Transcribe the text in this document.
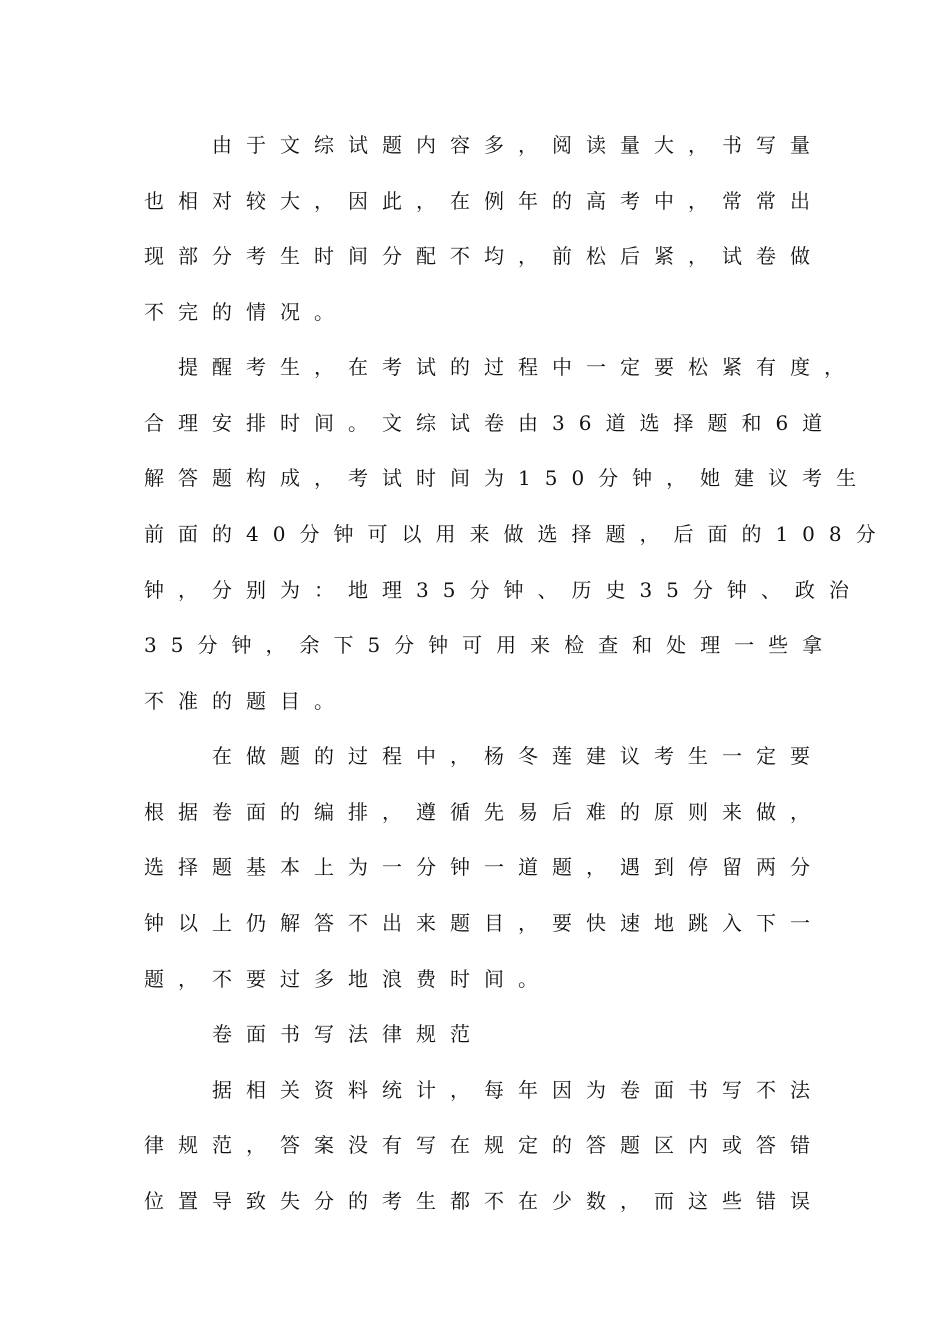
由于文综试题内容多，阅读量大，书写量
也相对较大，因此，在例年的高考中，常常出
现部分考生时间分配不均，前松后紧，试卷做
不完的情况。
提醒考生，在考试的过程中一定要松紧有度，
合理安排时间。文综试卷由36道选择题和6道
解答题构成，考试时间为150分钟，她建议考生
前面的40分钟可以用来做选择题，后面的108分
钟，分别为：地理35分钟、历史35分钟、政治
35分钟，余下5分钟可用来检查和处理一些拿
不准的题目。
在做题的过程中，杨冬莲建议考生一定要
根据卷面的编排，遵循先易后难的原则来做，
选择题基本上为一分钟一道题，遇到停留两分
钟以上仍解答不出来题目，要快速地跳入下一
题，不要过多地浪费时间。
卷面书写法律规范
据相关资料统计，每年因为卷面书写不法
律规范，答案没有写在规定的答题区内或答错
位置导致失分的考生都不在少数，而这些错误
